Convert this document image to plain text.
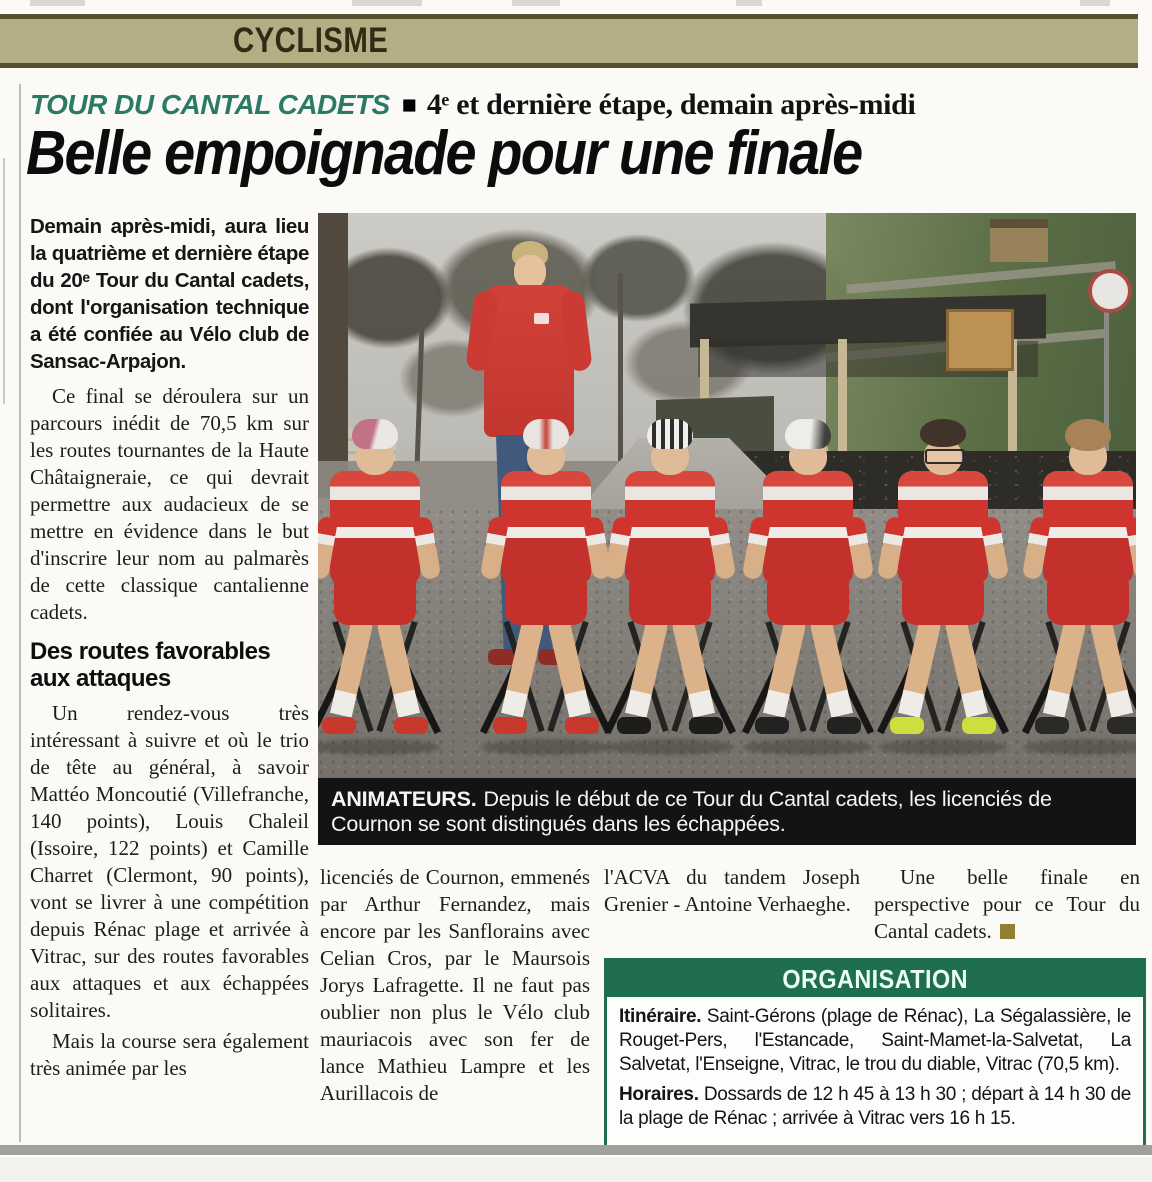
CYCLISME
TOUR DU CANTAL CADETS ■ 4ᵉ et dernière étape, demain après-midi
Belle empoignade pour une finale

Demain après-midi, aura lieu la quatrième et dernière étape du 20ᵉ Tour du Cantal cadets, dont l'organisation technique a été confiée au Vélo club de Sansac-Arpajon.

Ce final se déroulera sur un parcours inédit de 70,5 km sur les routes tournantes de la Haute Châtaigneraie, ce qui devrait permettre aux audacieux de se mettre en évidence dans le but d'inscrire leur nom au palmarès de cette classique cantalienne cadets.

Des routes favorables aux attaques

Un rendez-vous très intéressant à suivre et où le trio de tête au général, à savoir Mattéo Moncoutié (Villefranche, 140 points), Louis Chaleil (Issoire, 122 points) et Camille Charret (Clermont, 90 points), vont se livrer à une compétition depuis Rénac plage et arrivée à Vitrac, sur des routes favorables aux attaques et aux échappées solitaires.

Mais la course sera également très animée par les

ANIMATEURS. Depuis le début de ce Tour du Cantal cadets, les licenciés de Cournon se sont distingués dans les échappées.
licenciés de Cournon, emmenés par Arthur Fernandez, mais encore par les Sanflorains avec Celian Cros, par le Maursois Jorys Lafragette. Il ne faut pas oublier non plus le Vélo club mauriacois avec son fer de lance Mathieu Lampre et les Aurillacois de
l'ACVA du tandem Joseph Grenier - Antoine Verhaeghe.
Une belle finale en perspective pour ce Tour du Cantal cadets.
ORGANISATION

Itinéraire. Saint-Gérons (plage de Rénac), La Ségalassière, le Rouget-Pers, l'Estancade, Saint-Mamet-la-Salvetat, La Salvetat, l'Enseigne, Vitrac, le trou du diable, Vitrac (70,5 km).

Horaires. Dossards de 12 h 45 à 13 h 30 ; départ à 14 h 30 de la plage de Rénac ; arrivée à Vitrac vers 16 h 15.
